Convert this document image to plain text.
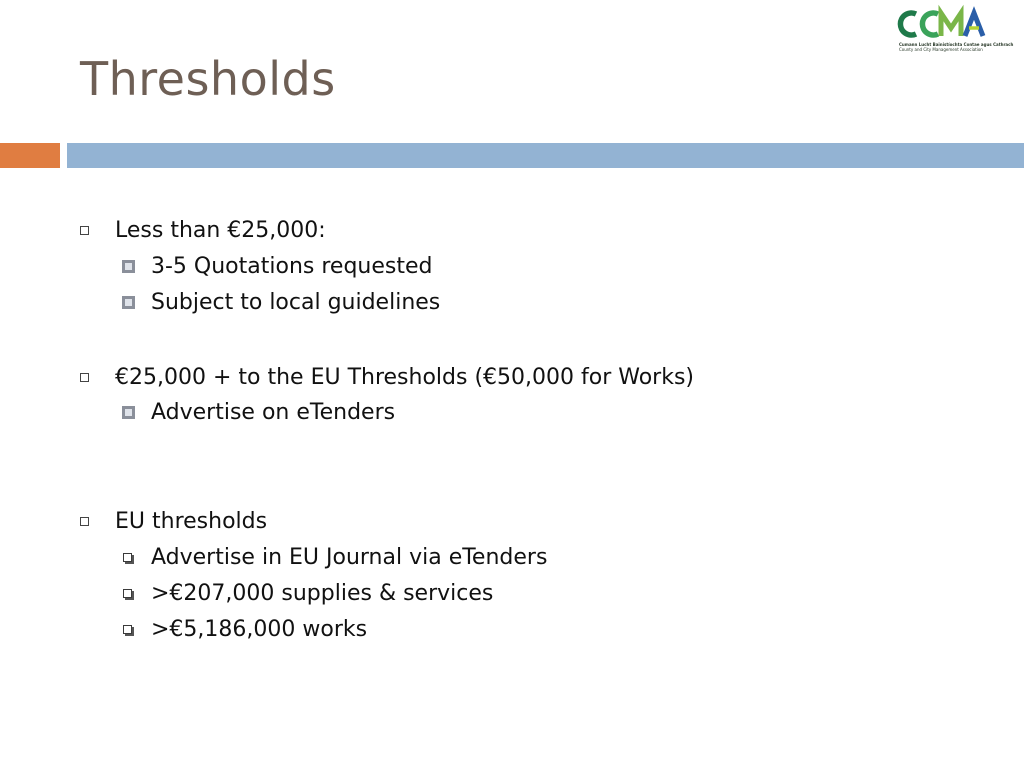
Thresholds
Cumann Lucht Bainistíochta Contae agus Cathrach
County and City Management Association
Less than €25,000:
3-5 Quotations requested
Subject to local guidelines
€25,000 + to the EU Thresholds (€50,000 for Works)
Advertise on eTenders
EU thresholds
Advertise in EU Journal via eTenders
>€207,000 supplies & services
>€5,186,000 works
